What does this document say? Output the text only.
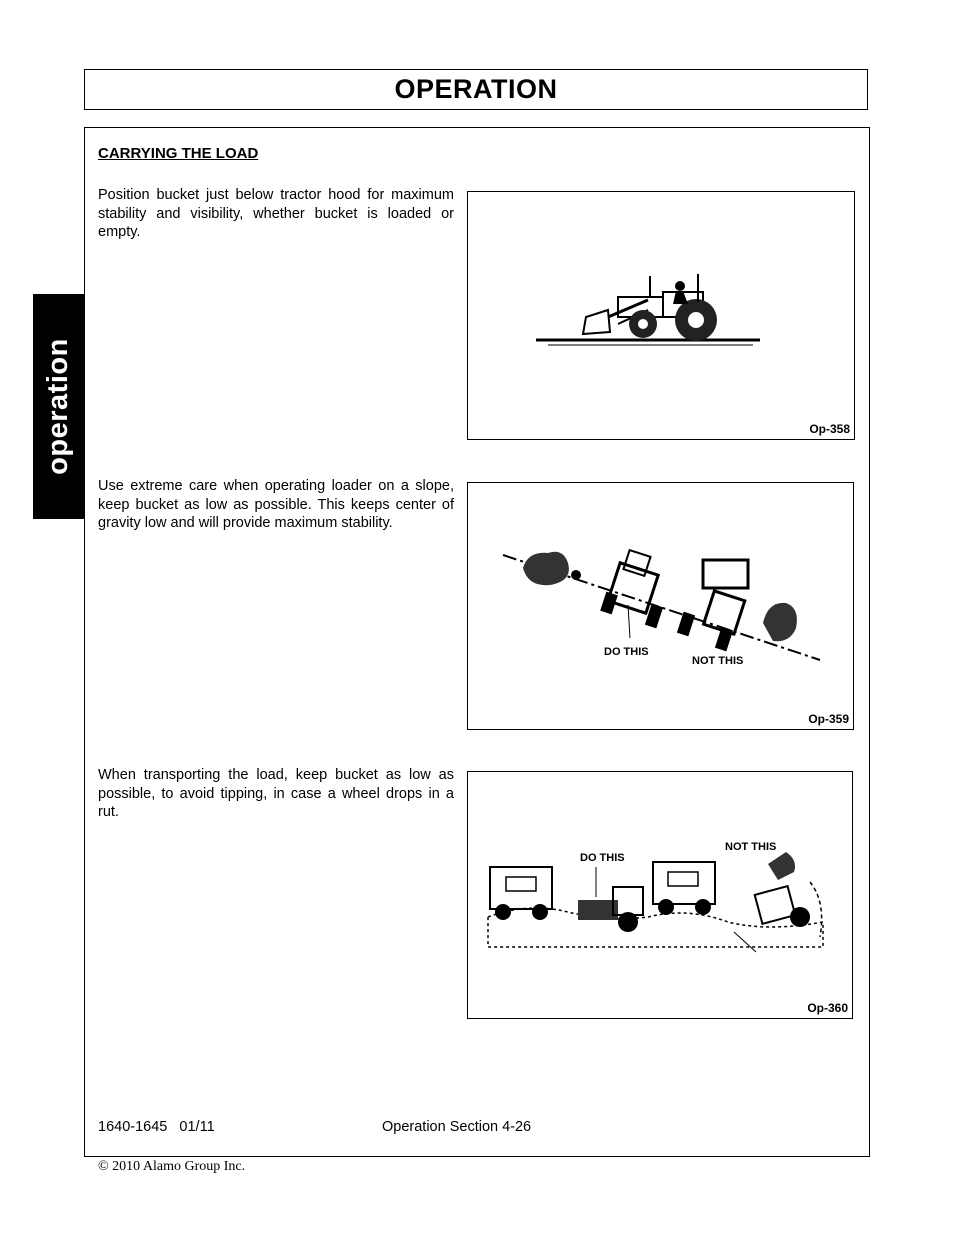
OPERATION
operation
CARRYING THE LOAD

Position bucket just below tractor hood for maximum stability and visibility, whether bucket is loaded or empty.

Op-358

Use extreme care when operating loader on a slope, keep bucket as low as possible. This keeps center of gravity low and will provide maximum stability.

DO THIS
NOT THIS
Op-359

When transporting the load, keep bucket as low as possible, to avoid tipping, in case a wheel drops in a rut.

DO THIS
NOT THIS
Op-360
1640-1645   01/11	Operation Section 4-26
© 2010 Alamo Group Inc.
